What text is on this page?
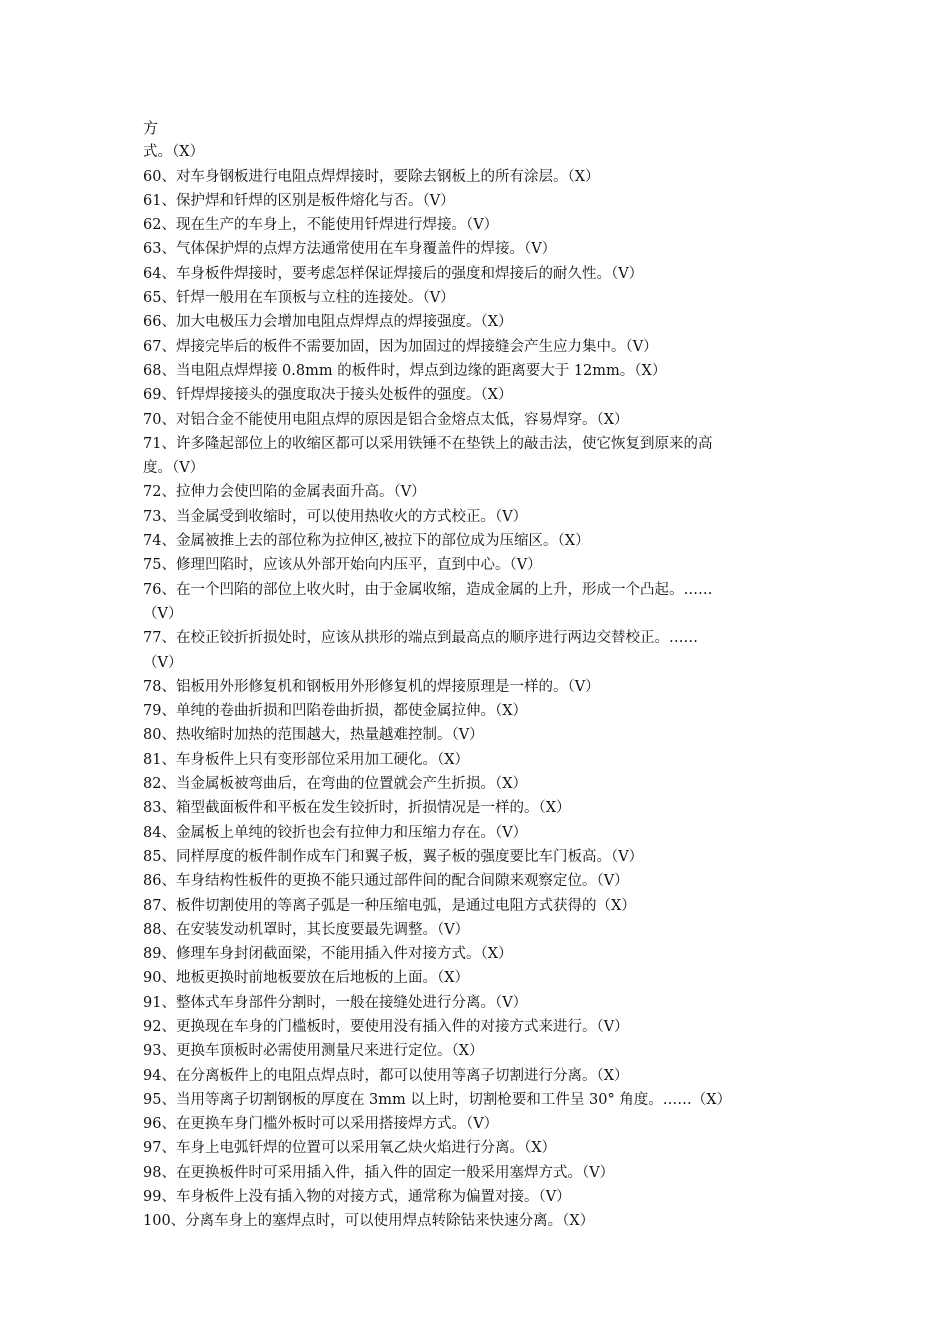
方
式。（X）
60、对车身钢板进行电阻点焊焊接时，要除去钢板上的所有涂层。（X）
61、保护焊和钎焊的区别是板件熔化与否。（V）
62、现在生产的车身上，不能使用钎焊进行焊接。（V）
63、气体保护焊的点焊方法通常使用在车身覆盖件的焊接。（V）
64、车身板件焊接时，要考虑怎样保证焊接后的强度和焊接后的耐久性。（V）
65、钎焊一般用在车顶板与立柱的连接处。（V）
66、加大电极压力会增加电阻点焊焊点的焊接强度。（X）
67、焊接完毕后的板件不需要加固，因为加固过的焊接缝会产生应力集中。（V）
68、当电阻点焊焊接 0.8mm 的板件时，焊点到边缘的距离要大于 12mm。（X）
69、钎焊焊接接头的强度取决于接头处板件的强度。（X）
70、对铝合金不能使用电阻点焊的原因是铝合金熔点太低，容易焊穿。（X）
71、许多隆起部位上的收缩区都可以采用铁锤不在垫铁上的敲击法，使它恢复到原来的高
度。（V）
72、拉伸力会使凹陷的金属表面升高。（V）
73、当金属受到收缩时，可以使用热收火的方式校正。（V）
74、金属被推上去的部位称为拉伸区,被拉下的部位成为压缩区。（X）
75、修理凹陷时，应该从外部开始向内压平，直到中心。（V）
76、在一个凹陷的部位上收火时，由于金属收缩，造成金属的上升，形成一个凸起。……
（V）
77、在校正铰折折损处时，应该从拱形的端点到最高点的顺序进行两边交替校正。……
（V）
78、铝板用外形修复机和钢板用外形修复机的焊接原理是一样的。（V）
79、单纯的卷曲折损和凹陷卷曲折损，都使金属拉伸。（X）
80、热收缩时加热的范围越大，热量越难控制。（V）
81、车身板件上只有变形部位采用加工硬化。（X）
82、当金属板被弯曲后，在弯曲的位置就会产生折损。（X）
83、箱型截面板件和平板在发生铰折时，折损情况是一样的。（X）
84、金属板上单纯的铰折也会有拉伸力和压缩力存在。（V）
85、同样厚度的板件制作成车门和翼子板，翼子板的强度要比车门板高。（V）
86、车身结构性板件的更换不能只通过部件间的配合间隙来观察定位。（V）
87、板件切割使用的等离子弧是一种压缩电弧，是通过电阻方式获得的（X）
88、在安装发动机罩时，其长度要最先调整。（V）
89、修理车身封闭截面梁，不能用插入件对接方式。（X）
90、地板更换时前地板要放在后地板的上面。（X）
91、整体式车身部件分割时，一般在接缝处进行分离。（V）
92、更换现在车身的门槛板时，要使用没有插入件的对接方式来进行。（V）
93、更换车顶板时必需使用测量尺来进行定位。（X）
94、在分离板件上的电阻点焊点时，都可以使用等离子切割进行分离。（X）
95、当用等离子切割钢板的厚度在 3mm 以上时，切割枪要和工件呈 30° 角度。……（X）
96、在更换车身门槛外板时可以采用搭接焊方式。（V）
97、车身上电弧钎焊的位置可以采用氧乙炔火焰进行分离。（X）
98、在更换板件时可采用插入件，插入件的固定一般采用塞焊方式。（V）
99、车身板件上没有插入物的对接方式，通常称为偏置对接。（V）
100、分离车身上的塞焊点时，可以使用焊点转除钻来快速分离。（X）
